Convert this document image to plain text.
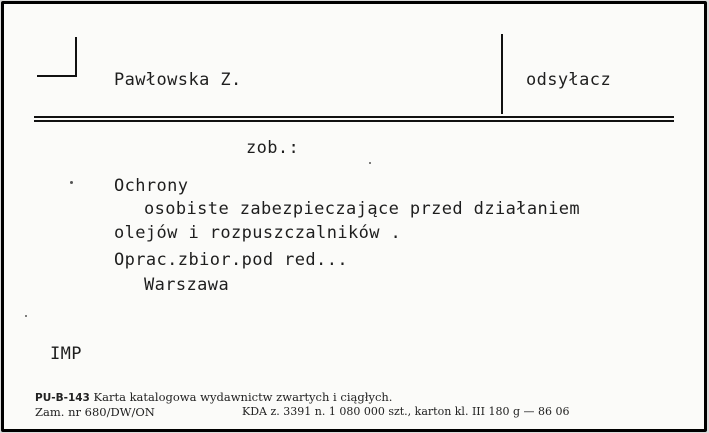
Pawłowska Z.	odsyłacz
zob.:
Ochrony
osobiste zabezpieczające przed działaniem
olejów i rozpuszczalników .
Oprac.zbior.pod red...
Warszawa
IMP
PU-B-143 Karta katalogowa wydawnictw zwartych i ciągłych.
Zam. nr 680/DW/ON	KDA z. 3391 n. 1 080 000 szt., karton kl. III 180 g — 86 06
